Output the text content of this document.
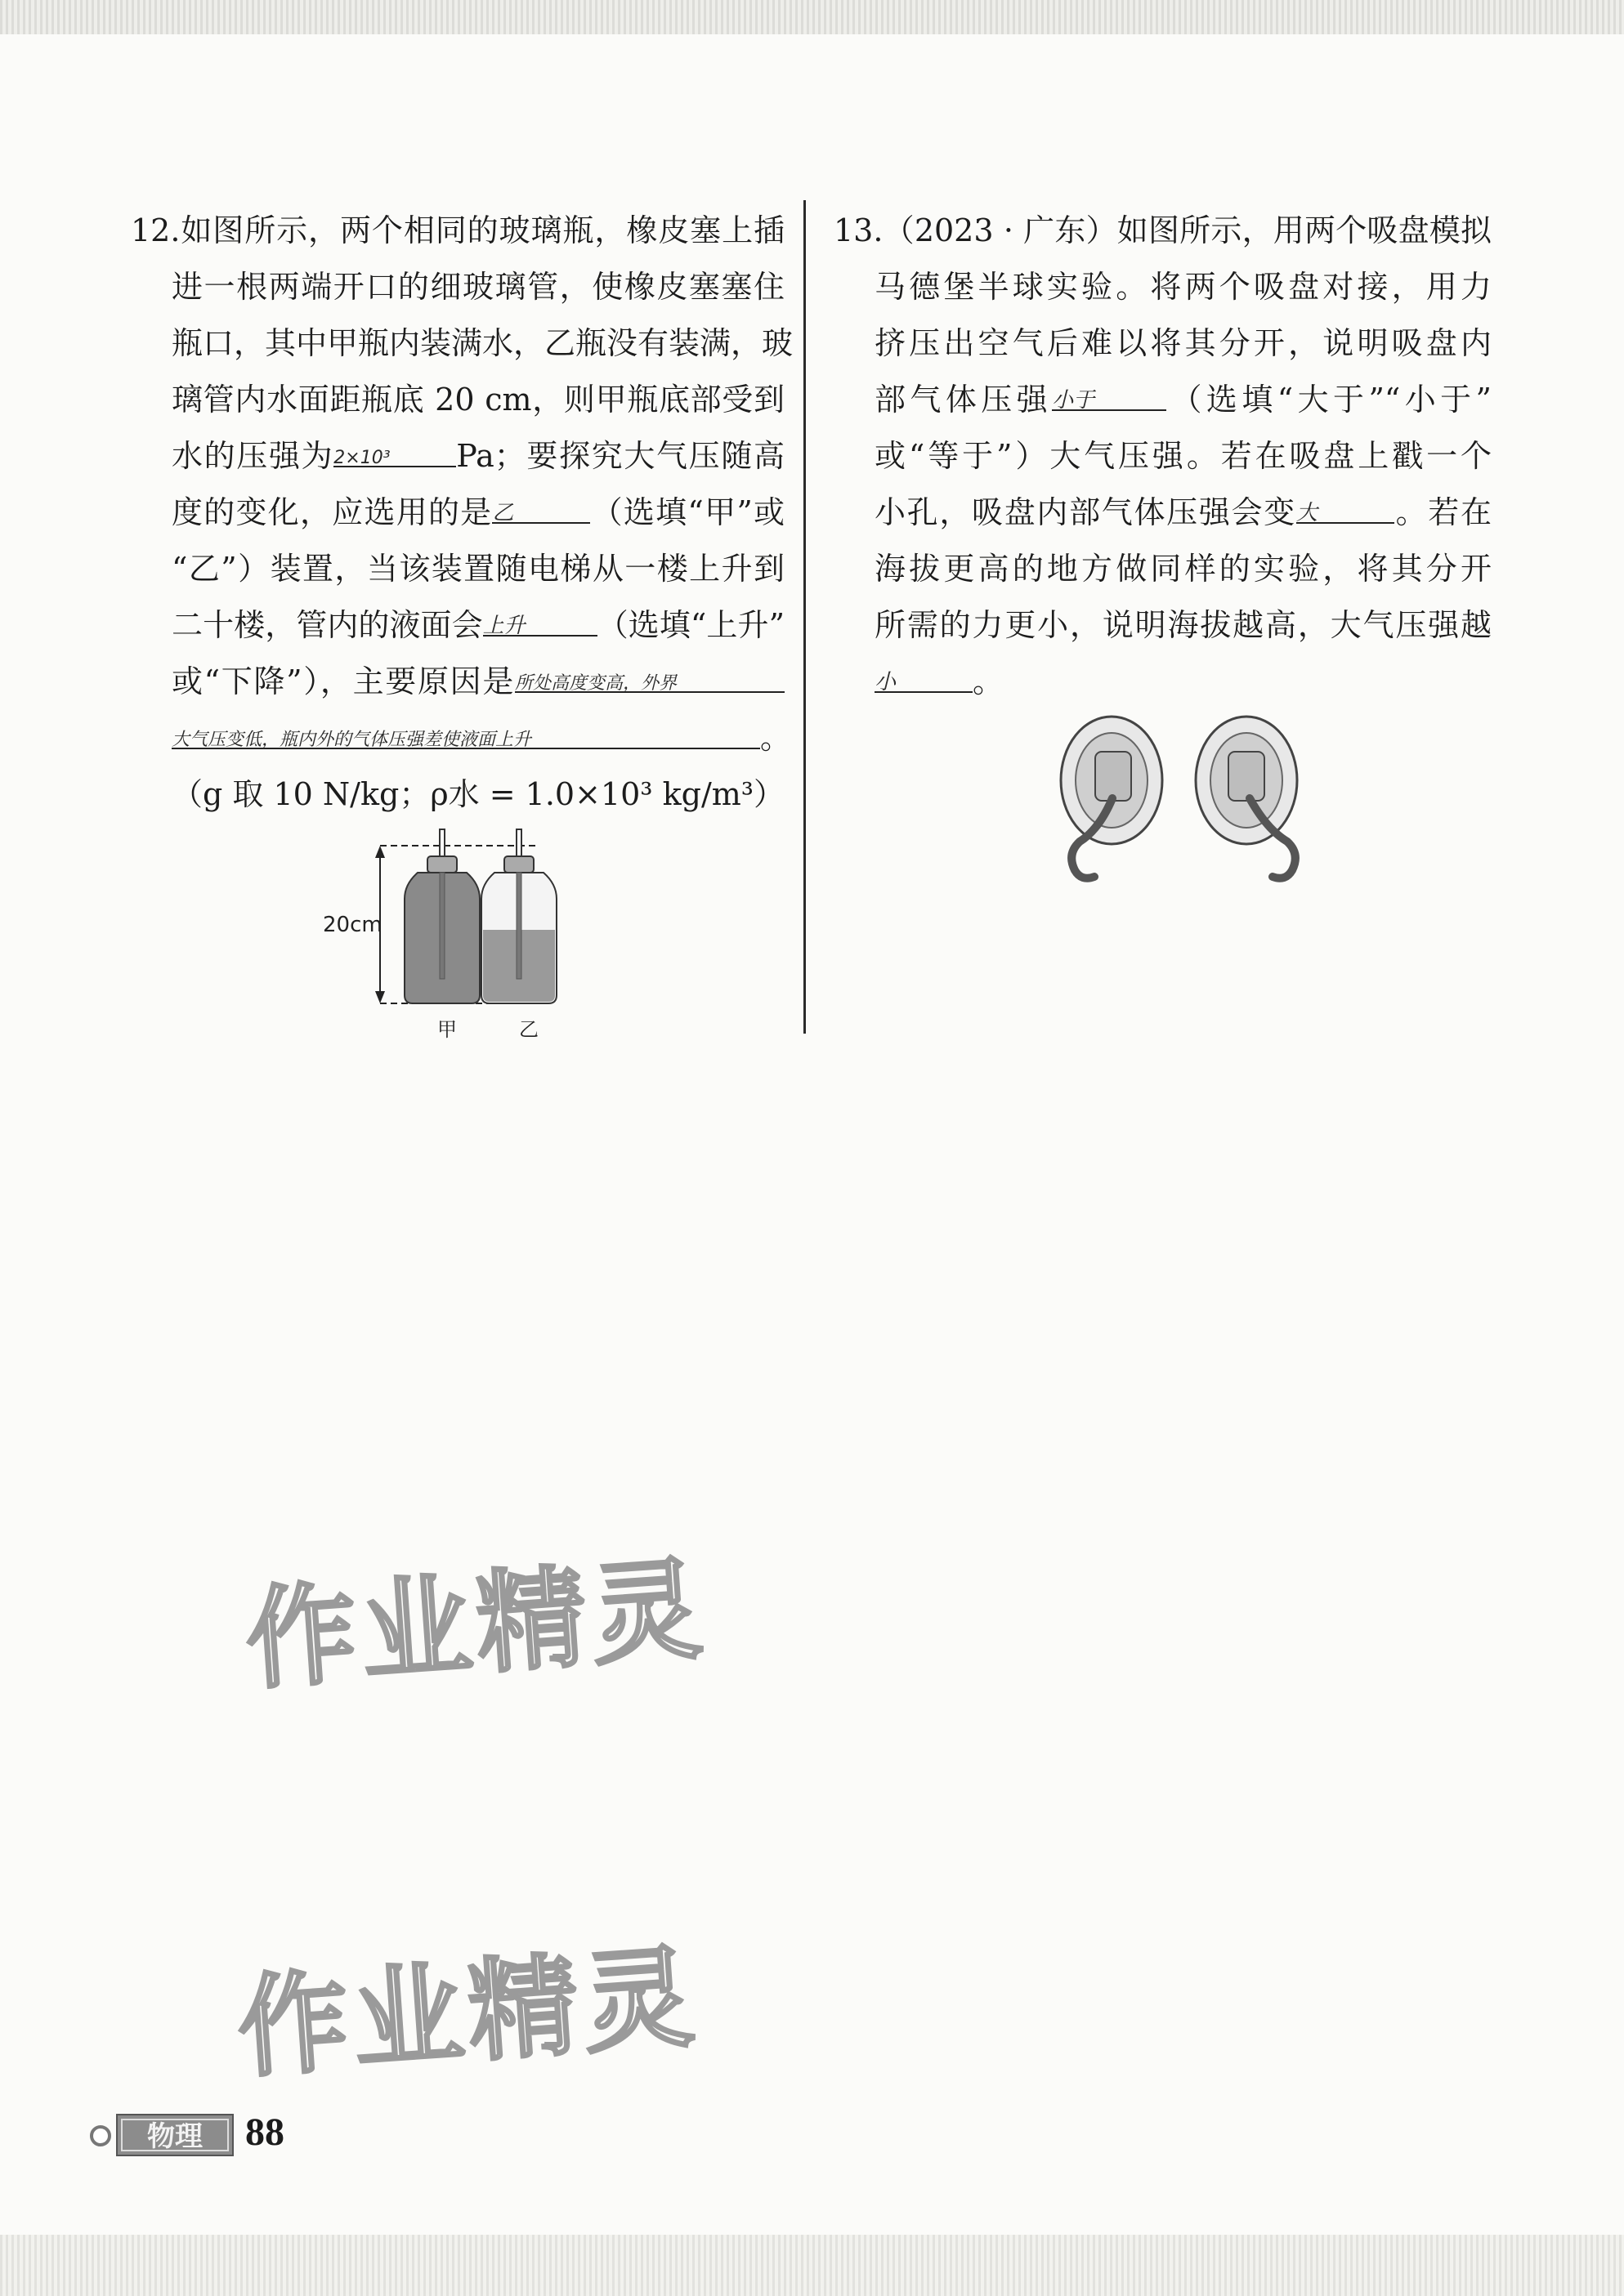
12.如图所示，两个相同的玻璃瓶，橡皮塞上插
进一根两端开口的细玻璃管，使橡皮塞塞住
瓶口，其中甲瓶内装满水，乙瓶没有装满，玻
璃管内水面距瓶底 20 cm，则甲瓶底部受到
水的压强为2×10³ Pa；要探究大气压随高
度的变化，应选用的是乙 （选填“甲”或
“乙”）装置，当该装置随电梯从一楼上升到
二十楼，管内的液面会上升 （选填“上升”
或“下降”），主要原因是所处高度变高，外界
大气压变低，瓶内外的气体压强差使液面上升	。
（g 取 10 N/kg；ρ水 = 1.0×10³ kg/m³）
20cm
甲	乙
13.（2023 · 广东）如图所示，用两个吸盘模拟
马德堡半球实验。将两个吸盘对接，用力
挤压出空气后难以将其分开，说明吸盘内
部气体压强小于 （选填“大于”“小于”
或“等于”）大气压强。若在吸盘上戳一个
小孔，吸盘内部气体压强会变大 。若在
海拔更高的地方做同样的实验，将其分开
所需的力更小，说明海拔越高，大气压强越
小 。
作业精灵
作业精灵
物理 88
